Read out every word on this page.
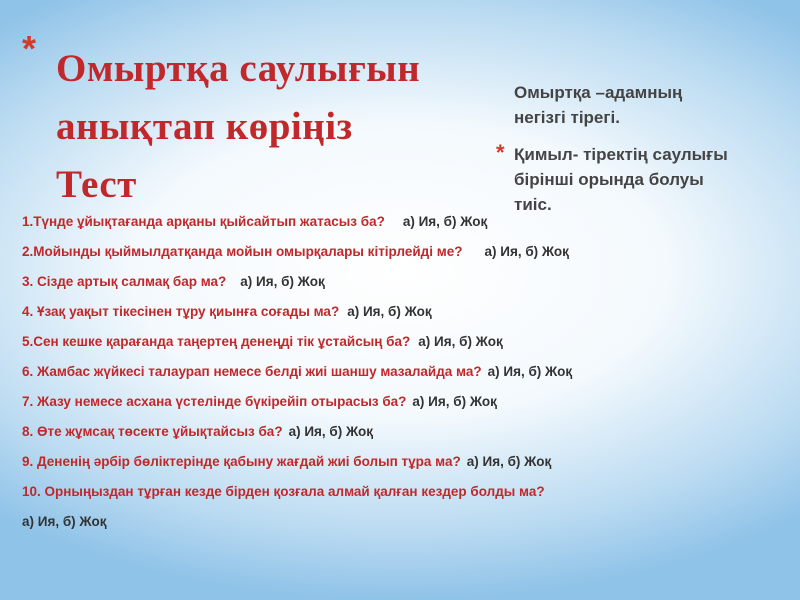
* Омыртқа саулығын
анықтап көріңіз
Тест
Омыртқа –адамның
негізгі тірегі.
* Қимыл- тіректің саулығы
бірінші орында болуы
тиіс.
1.Түнде ұйықтағанда арқаны қыйсайтып жатасыз ба? а) Ия, б) Жоқ
2.Мойынды қыймылдатқанда мойын омырқалары кітірлейді ме? а) Ия, б) Жоқ
3. Сізде артық салмақ бар ма? а) Ия, б) Жоқ
4. Ұзақ уақыт тікесінен тұру қиынға соғады ма? а) Ия, б) Жоқ
5.Сен кешке қарағанда таңертең денеңді тік ұстайсың ба? а) Ия, б) Жоқ
6. Жамбас жүйкесі талаурап немесе белді жиі шаншу мазалайда ма? а) Ия, б) Жоқ
7. Жазу немесе асхана үстелінде бүкірейіп отырасыз ба? а) Ия, б) Жоқ
8. Өте жұмсақ төсекте ұйықтайсыз ба? а) Ия, б) Жоқ
9. Дененің әрбір бөліктерінде қабыну жағдай жиі болып тұра ма? а) Ия, б) Жоқ
10. Орныңыздан тұрған кезде бірден қозғала алмай қалған кездер болды ма?
а) Ия, б) Жоқ
